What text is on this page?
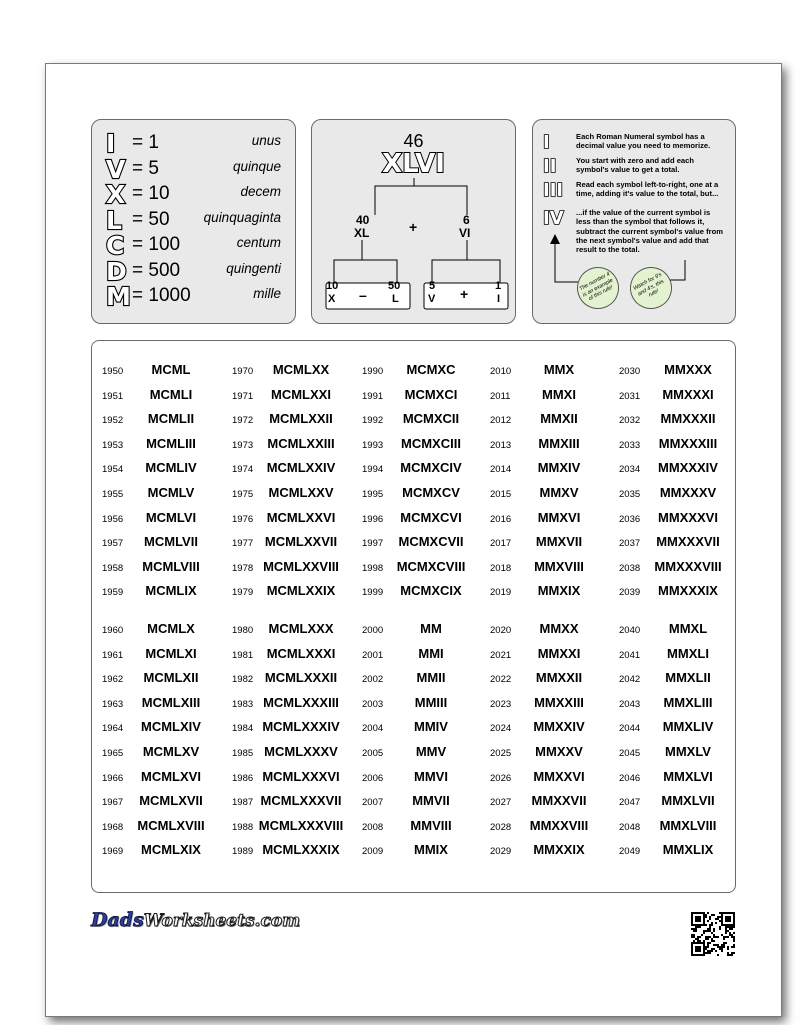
I = 1	unus
V = 5	quinque
X = 10	decem
L = 50	quinquaginta
C = 100	centum
D = 500	quingenti
M = 1000	mille
46
XLVI
40
XL	+	6
VI
10
X –
50
L
5
V + 1
I
I	Each Roman Numeral symbol has a decimal value you need to memorize.
II	You start with zero and add each symbol's value to get a total.
III Read each symbol left-to-right, one at a time, adding it's value to the total, but...
IV ...if the value of the current symbol is less than the symbol that follows it, subtract the current symbol's value from the next symbol's value and add that result to the total.
The number 4 is an example of this rule!
Watch for 9's and 4's, this rule!
1950	MCML
1951	MCMLI
1952	MCMLII
1953	MCMLIII
1954	MCMLIV
1955	MCMLV
1956	MCMLVI
1957	MCMLVII
1958	MCMLVIII
1959	MCMLIX
1960	MCMLX
1961	MCMLXI
1962	MCMLXII
1963	MCMLXIII
1964	MCMLXIV
1965	MCMLXV
1966	MCMLXVI
1967	MCMLXVII
1968	MCMLXVIII
1969	MCMLXIX
1970	MCMLXX
1971	MCMLXXI
1972	MCMLXXII
1973	MCMLXXIII
1974	MCMLXXIV
1975	MCMLXXV
1976	MCMLXXVI
1977 MCMLXXVII
1978 MCMLXXVIII
1979	MCMLXXIX
1980	MCMLXXX
1981	MCMLXXXI
1982 MCMLXXXII
1983 MCMLXXXIII
1984 MCMLXXXIV
1985 MCMLXXXV
1986 MCMLXXXVI
1987 MCMLXXXVII
1988 MCMLXXXVIII
1989 MCMLXXXIX
1990	MCMXC
1991	MCMXCI
1992	MCMXCII
1993	MCMXCIII
1994	MCMXCIV
1995	MCMXCV
1996	MCMXCVI
1997	MCMXCVII
1998	MCMXCVIII
1999	MCMXCIX
2000	MM
2001	MMI
2002	MMII
2003	MMIII
2004	MMIV
2005	MMV
2006	MMVI
2007	MMVII
2008	MMVIII
2009	MMIX
2010	MMX
2011	MMXI
2012	MMXII
2013	MMXIII
2014	MMXIV
2015	MMXV
2016	MMXVI
2017	MMXVII
2018	MMXVIII
2019	MMXIX
2020	MMXX
2021	MMXXI
2022	MMXXII
2023	MMXXIII
2024	MMXXIV
2025	MMXXV
2026	MMXXVI
2027	MMXXVII
2028	MMXXVIII
2029	MMXXIX
2030	MMXXX
2031	MMXXXI
2032	MMXXXII
2033	MMXXXIII
2034	MMXXXIV
2035	MMXXXV
2036	MMXXXVI
2037	MMXXXVII
2038	MMXXXVIII
2039	MMXXXIX
2040	MMXL
2041	MMXLI
2042	MMXLII
2043	MMXLIII
2044	MMXLIV
2045	MMXLV
2046	MMXLVI
2047	MMXLVII
2048	MMXLVIII
2049	MMXLIX
DadsWorksheets.com
